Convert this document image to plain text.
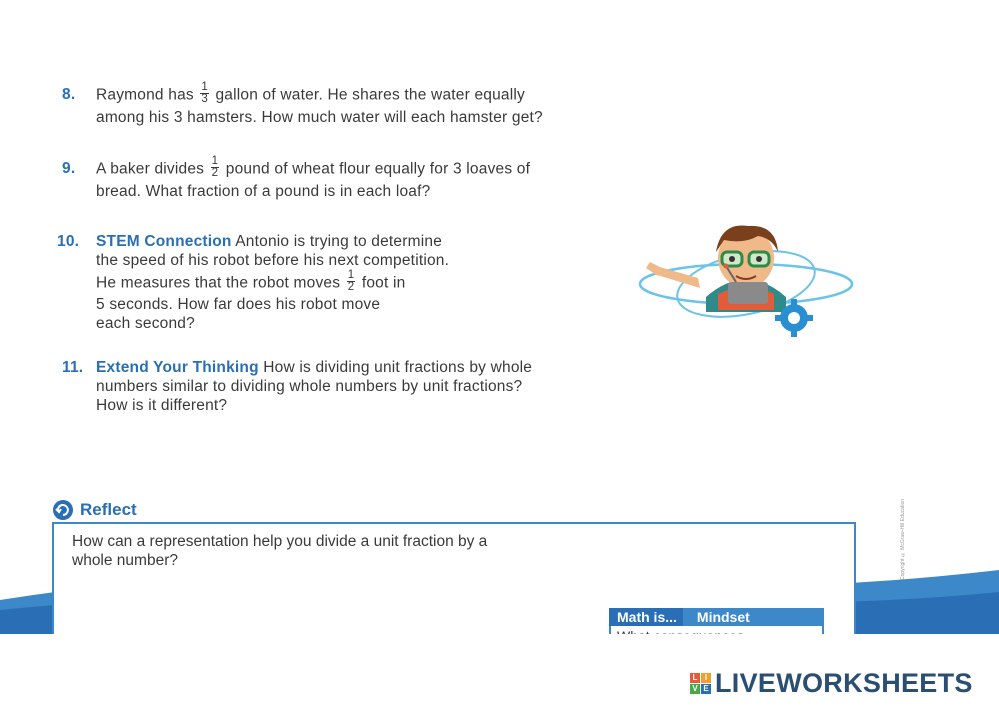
8.	Raymond has $\frac{1}{3}$ gallon of water. He shares the water equally
among his 3 hamsters. How much water will each hamster get?
9.	A baker divides $\frac{1}{2}$ pound of wheat flour equally for 3 loaves of
bread. What fraction of a pound is in each loaf?
10.	STEM Connection Antonio is trying to determine
the speed of his robot before his next competition.
He measures that the robot moves $\frac{1}{2}$ foot in
5 seconds. How far does his robot move
each second?
11. Extend Your Thinking How is dividing unit fractions by whole
numbers similar to dividing whole numbers by unit fractions?
How is it different?
Reflect
How can a representation help you divide a unit fraction by a
whole number?
Math is...	Mindset
Copyright © McGraw-Hill Education
L I
V E LIVEWORKSHEETS
